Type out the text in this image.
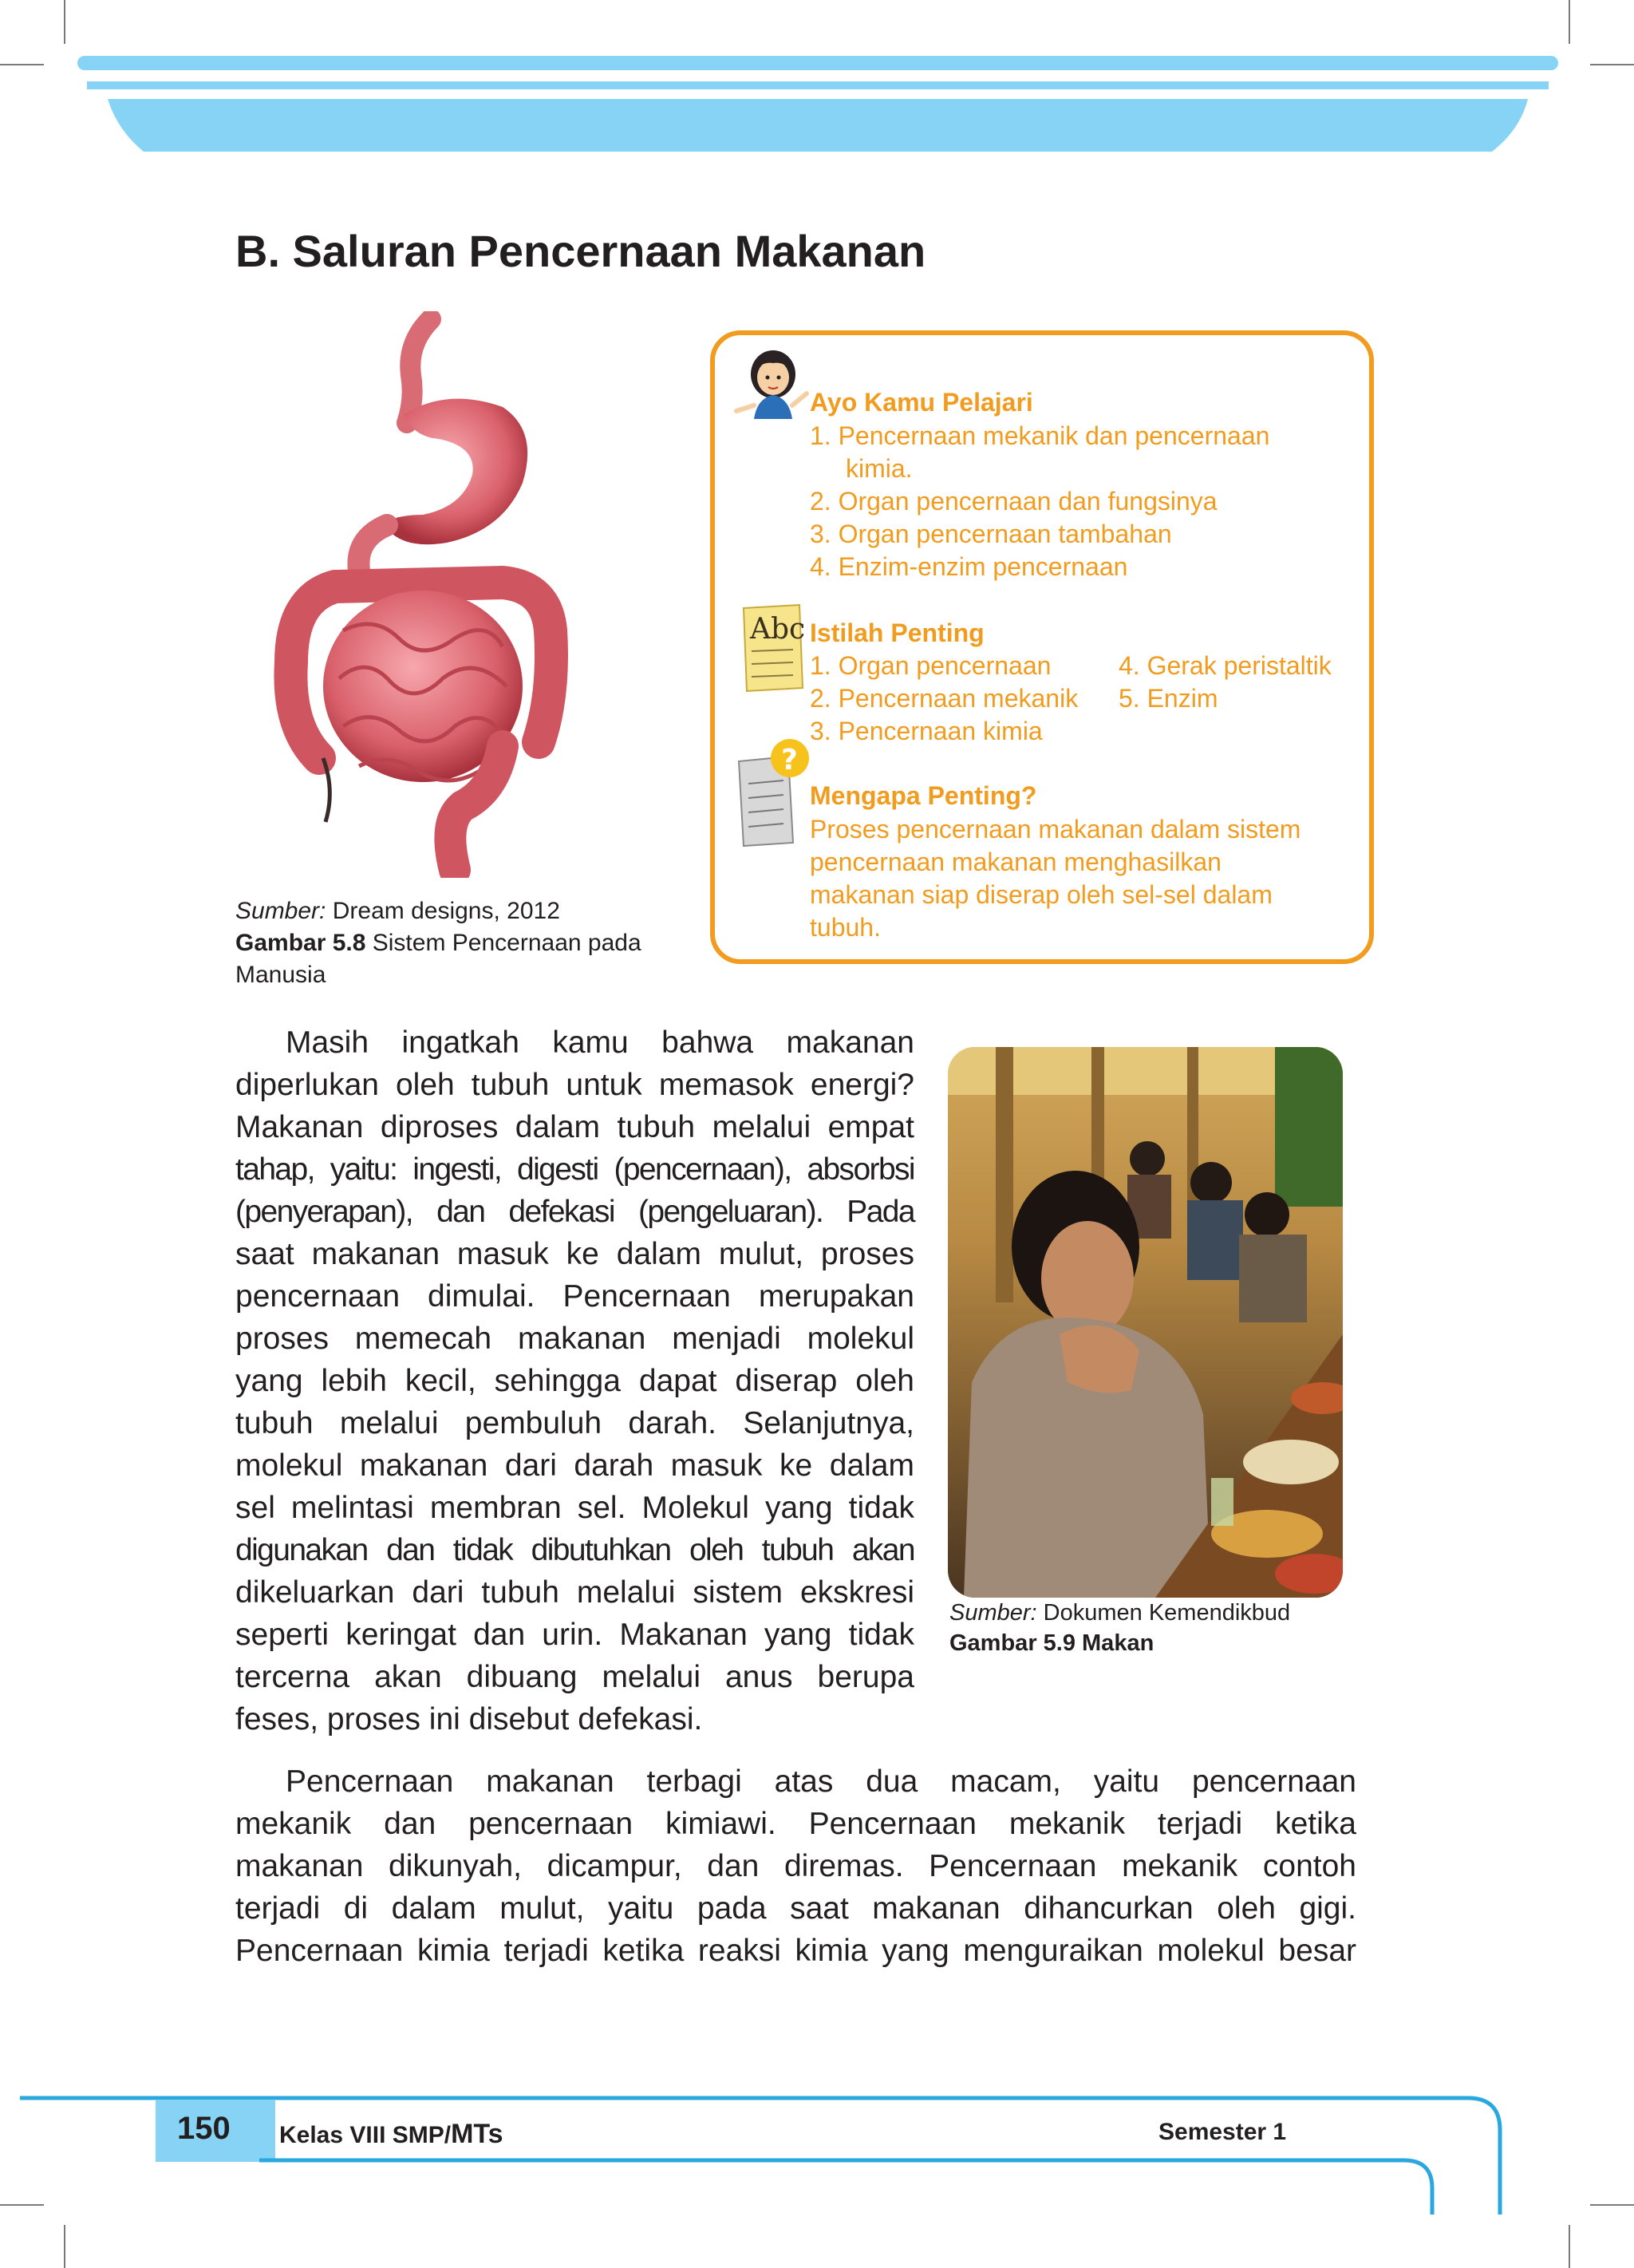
B. Saluran Pencernaan Makanan
Sumber: Dream designs, 2012
Gambar 5.8 Sistem Pencernaan pada
Manusia
Ayo Kamu Pelajari
1. Pencernaan mekanik dan pencernaan
kimia.
2. Organ pencernaan dan fungsinya
3. Organ pencernaan tambahan
4. Enzim-enzim pencernaan
Abc Istilah Penting
1. Organ pencernaan
2. Pencernaan mekanik
3. Pencernaan kimia
4. Gerak peristaltik
5. Enzim
?
Mengapa Penting?
Proses pencernaan makanan dalam sistem
pencernaan makanan menghasilkan
makanan siap diserap oleh sel-sel dalam
tubuh.
Masih ingatkah kamu bahwa makanan
diperlukan oleh tubuh untuk memasok energi?
Makanan diproses dalam tubuh melalui empat
tahap, yaitu: ingesti, digesti (pencernaan), absorbsi
(penyerapan), dan defekasi (pengeluaran). Pada
saat makanan masuk ke dalam mulut, proses
pencernaan dimulai. Pencernaan merupakan
proses memecah makanan menjadi molekul
yang lebih kecil, sehingga dapat diserap oleh
tubuh melalui pembuluh darah. Selanjutnya,
molekul makanan dari darah masuk ke dalam
sel melintasi membran sel. Molekul yang tidak
digunakan dan tidak dibutuhkan oleh tubuh akan
dikeluarkan dari tubuh melalui sistem ekskresi
seperti keringat dan urin. Makanan yang tidak
tercerna akan dibuang melalui anus berupa
feses, proses ini disebut defekasi.
Sumber: Dokumen Kemendikbud
Gambar 5.9 Makan
Pencernaan makanan terbagi atas dua macam, yaitu pencernaan
mekanik dan pencernaan kimiawi. Pencernaan mekanik terjadi ketika
makanan dikunyah, dicampur, dan diremas. Pencernaan mekanik contoh
terjadi di dalam mulut, yaitu pada saat makanan dihancurkan oleh gigi.
Pencernaan kimia terjadi ketika reaksi kimia yang menguraikan molekul besar
150 Kelas VIII SMP/MTs	Semester 1
